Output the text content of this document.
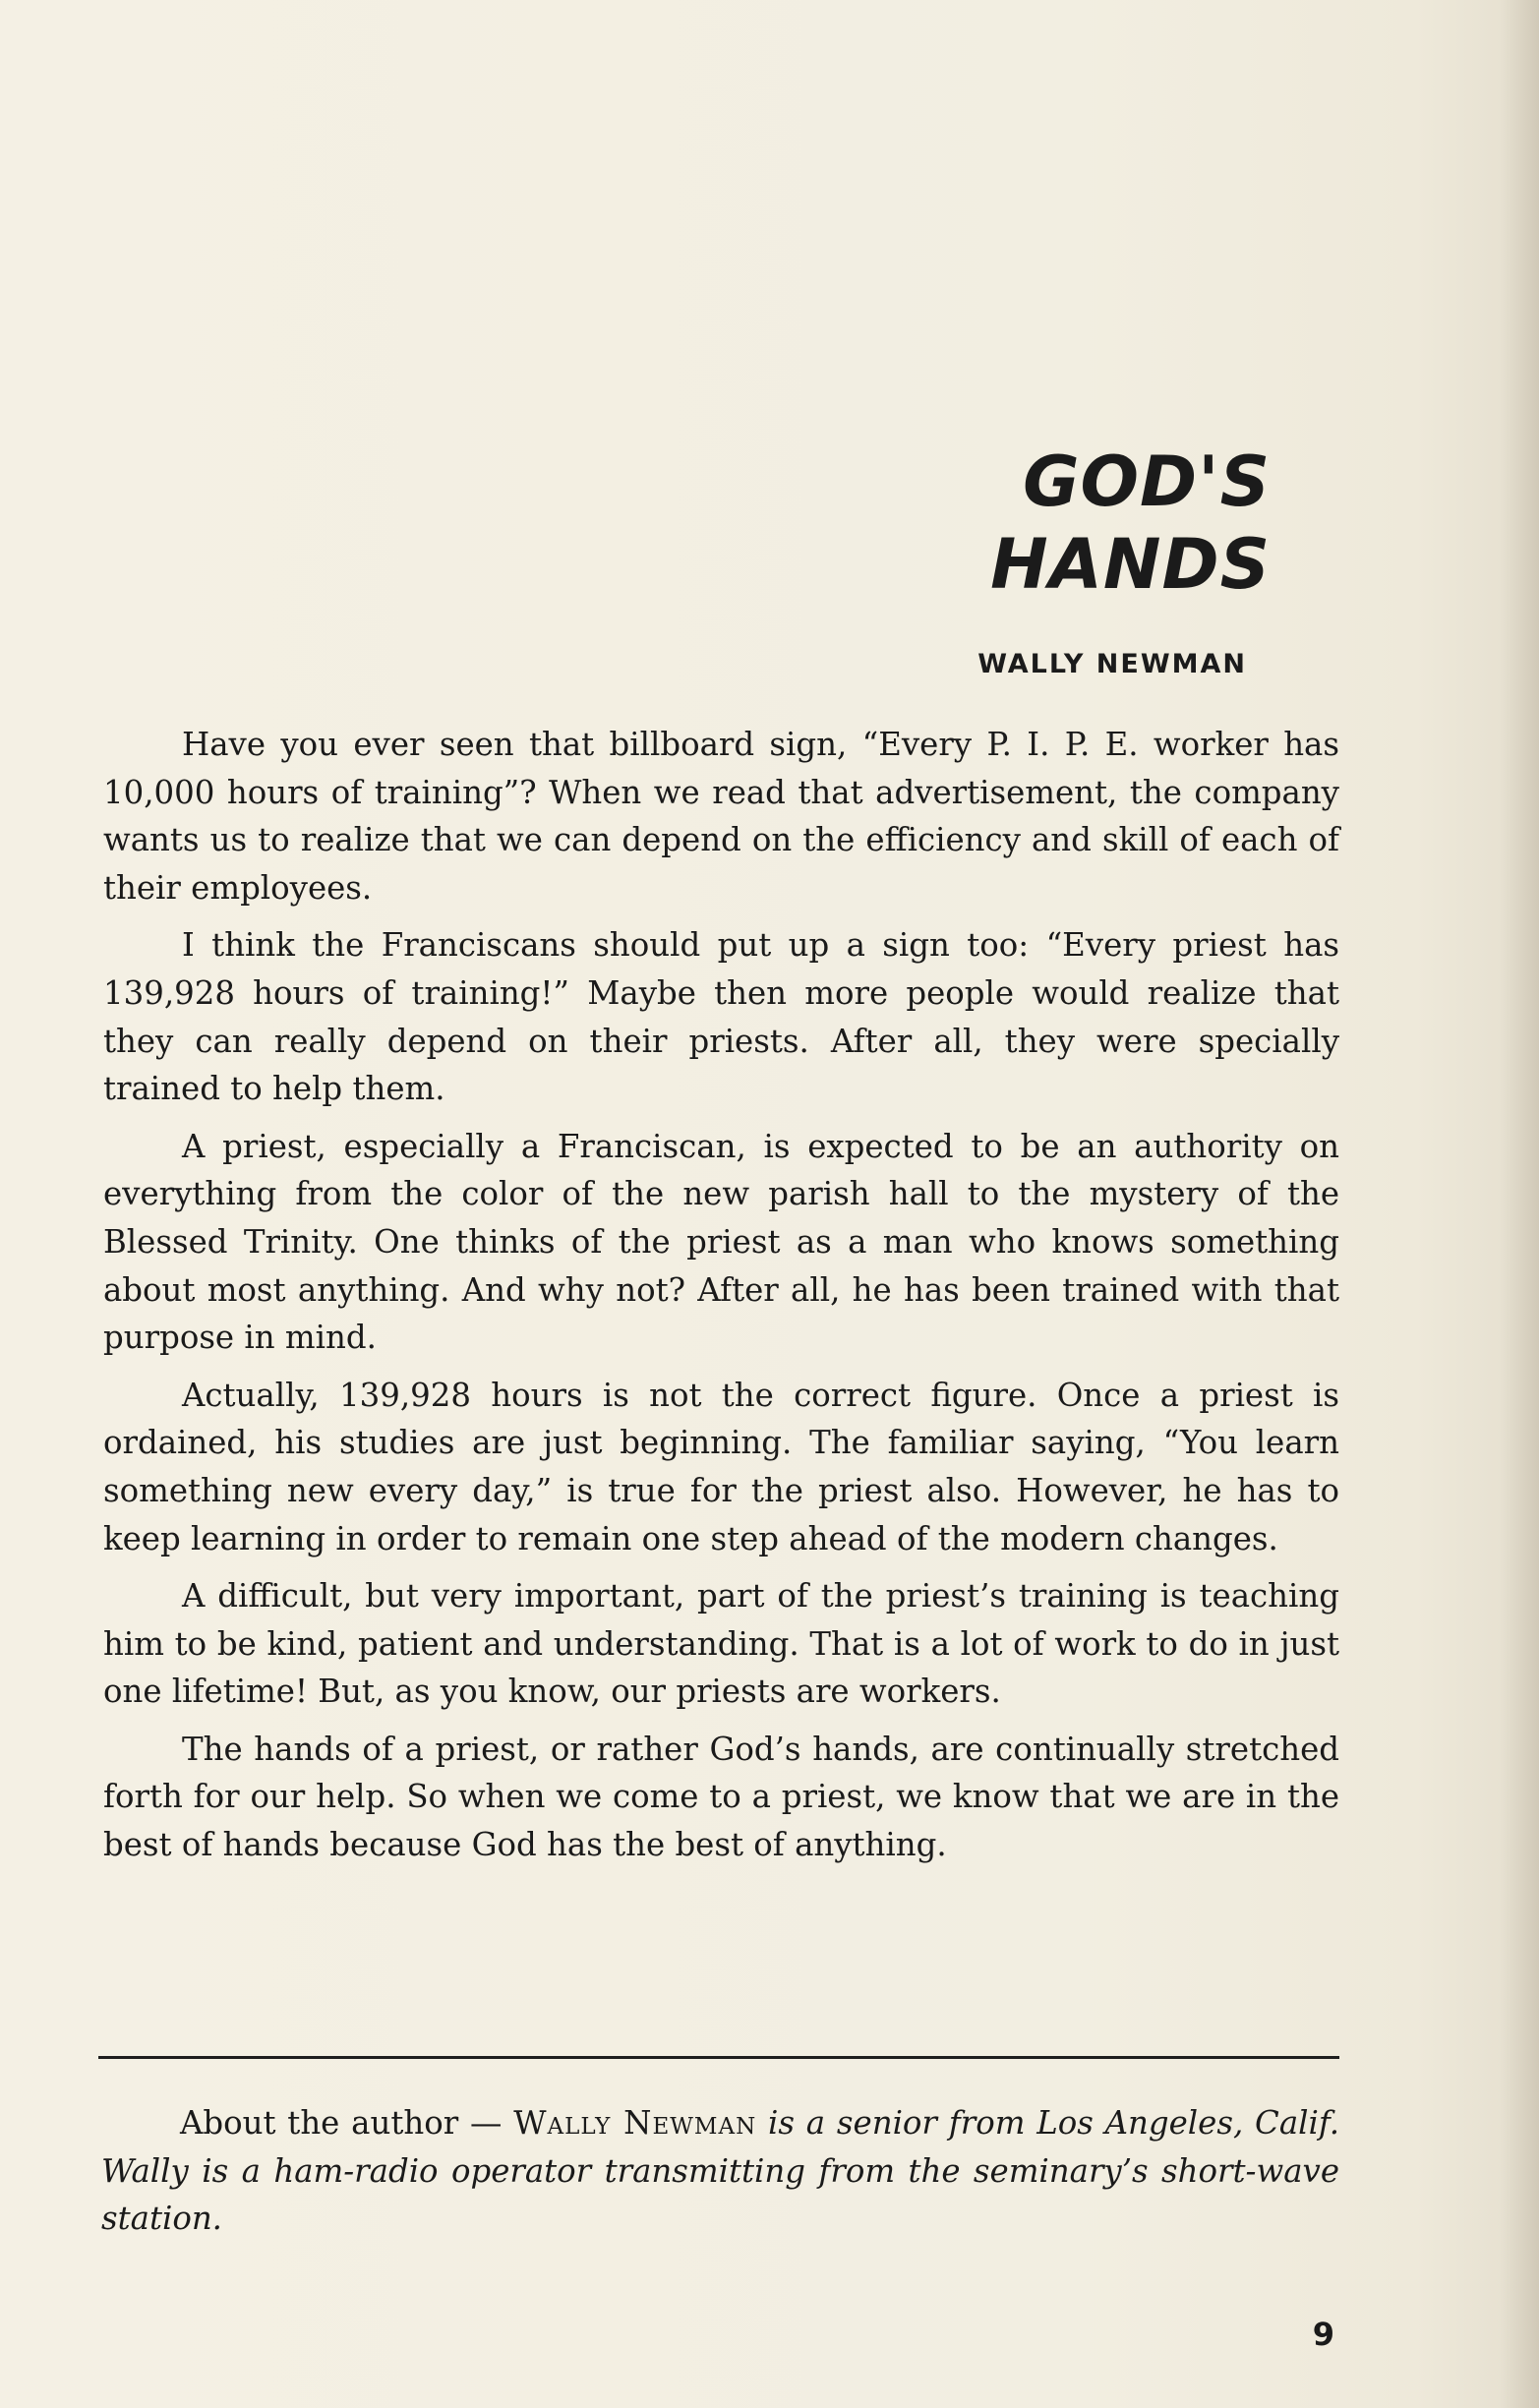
GOD'S
HANDS
WALLY NEWMAN

Have you ever seen that billboard sign, “Every P. I. P. E. worker has 10,000 hours of training”? When we read that advertisement, the company wants us to realize that we can depend on the efficiency and skill of each of their employees.

I think the Franciscans should put up a sign too: “Every priest has 139,928 hours of training!” Maybe then more people would realize that they can really depend on their priests. After all, they were specially trained to help them.

A priest, especially a Franciscan, is expected to be an authority on everything from the color of the new parish hall to the mystery of the Blessed Trinity. One thinks of the priest as a man who knows something about most anything. And why not? After all, he has been trained with that purpose in mind.

Actually, 139,928 hours is not the correct figure. Once a priest is ordained, his studies are just beginning. The familiar saying, “You learn something new every day,” is true for the priest also. However, he has to keep learning in order to remain one step ahead of the modern changes.

A difficult, but very important, part of the priest’s training is teaching him to be kind, patient and understanding. That is a lot of work to do in just one lifetime! But, as you know, our priests are workers.

The hands of a priest, or rather God’s hands, are continually stretched forth for our help. So when we come to a priest, we know that we are in the best of hands because God has the best of anything.

About the author — Wally Newman is a senior from Los Angeles, Calif. Wally is a ham-radio operator transmitting from the seminary’s short-wave station.
9
